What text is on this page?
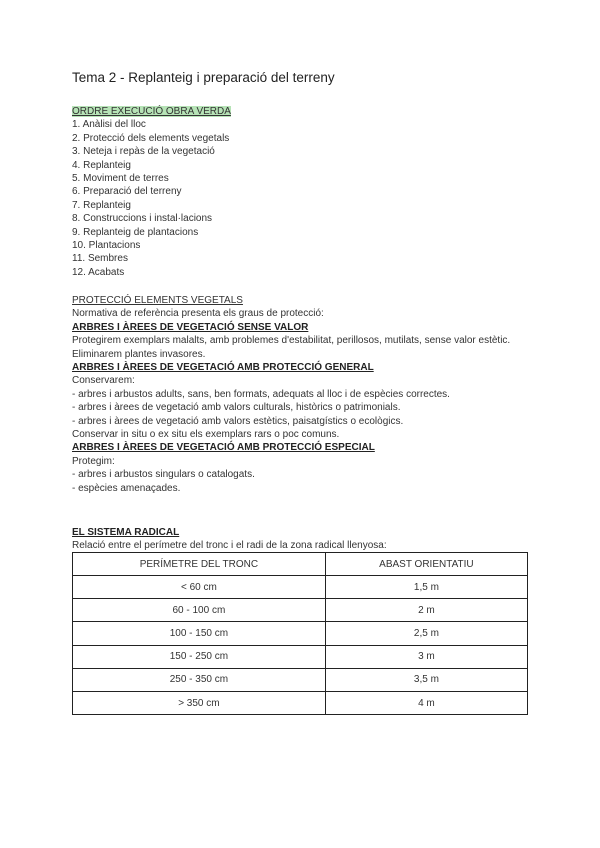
Tema 2 - Replanteig i preparació del terreny
ORDRE EXECUCIÓ OBRA VERDA
1. Anàlisi del lloc
2. Protecció dels elements vegetals
3. Neteja i repàs de la vegetació
4. Replanteig
5. Moviment de terres
6. Preparació del terreny
7. Replanteig
8. Construccions i instal·lacions
9. Replanteig de plantacions
10. Plantacions
11. Sembres
12. Acabats
PROTECCIÓ ELEMENTS VEGETALS
Normativa de referència presenta els graus de protecció:
ARBRES I ÀREES DE VEGETACIÓ SENSE VALOR
Protegirem exemplars malalts, amb problemes d'estabilitat, perillosos, mutilats, sense valor estètic.
Eliminarem plantes invasores.
ARBRES I ÀREES DE VEGETACIÓ AMB PROTECCIÓ GENERAL
Conservarem:
- arbres i arbustos adults, sans, ben formats, adequats al lloc i de espècies correctes.
- arbres i àrees de vegetació amb valors culturals, històrics o patrimonials.
- arbres i àrees de vegetació amb valors estètics, paisatgístics o ecològics.
Conservar in situ o ex situ els exemplars rars o poc comuns.
ARBRES I ÀREES DE VEGETACIÓ AMB PROTECCIÓ ESPECIAL
Protegim:
- arbres i arbustos singulars o catalogats.
- espècies amenaçades.
EL SISTEMA RADICAL
Relació entre el perímetre del tronc i el radi de la zona radical llenyosa:
PERÍMETRE DEL TRONC	ABAST ORIENTATIU
< 60 cm	1,5 m
60 - 100 cm	2 m
100 - 150 cm	2,5 m
150 - 250 cm	3 m
250 - 350 cm	3,5 m
> 350 cm	4 m
